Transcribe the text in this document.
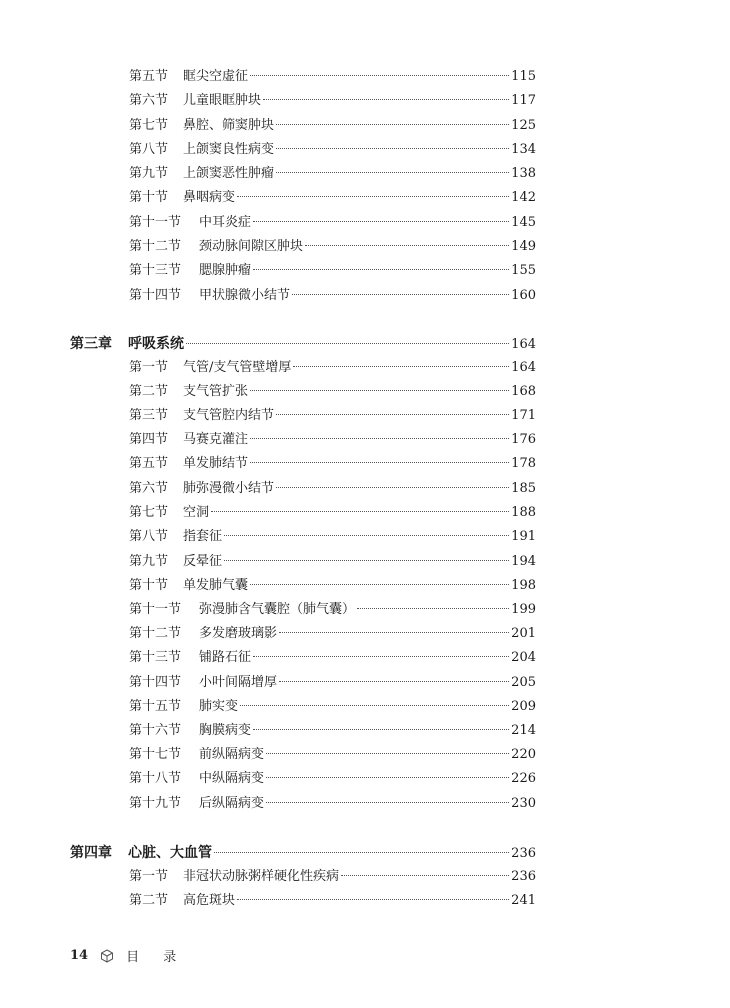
第五节	眶尖空虚征	115
第六节	儿童眼眶肿块	117
第七节	鼻腔、筛窦肿块	125
第八节	上颌窦良性病变	134
第九节	上颌窦恶性肿瘤	138
第十节	鼻咽病变	142
第十一节	中耳炎症	145
第十二节	颈动脉间隙区肿块	149
第十三节	腮腺肿瘤	155
第十四节	甲状腺微小结节	160
第三章	呼吸系统	164
第一节	气管/支气管壁增厚	164
第二节	支气管扩张	168
第三节	支气管腔内结节	171
第四节	马赛克灌注	176
第五节	单发肺结节	178
第六节	肺弥漫微小结节	185
第七节	空洞	188
第八节	指套征	191
第九节	反晕征	194
第十节	单发肺气囊	198
第十一节	弥漫肺含气囊腔（肺气囊）	199
第十二节	多发磨玻璃影	201
第十三节	铺路石征	204
第十四节	小叶间隔增厚	205
第十五节	肺实变	209
第十六节	胸膜病变	214
第十七节	前纵隔病变	220
第十八节	中纵隔病变	226
第十九节	后纵隔病变	230
第四章	心脏、大血管	236
第一节	非冠状动脉粥样硬化性疾病	236
第二节	高危斑块	241
14	目 录
